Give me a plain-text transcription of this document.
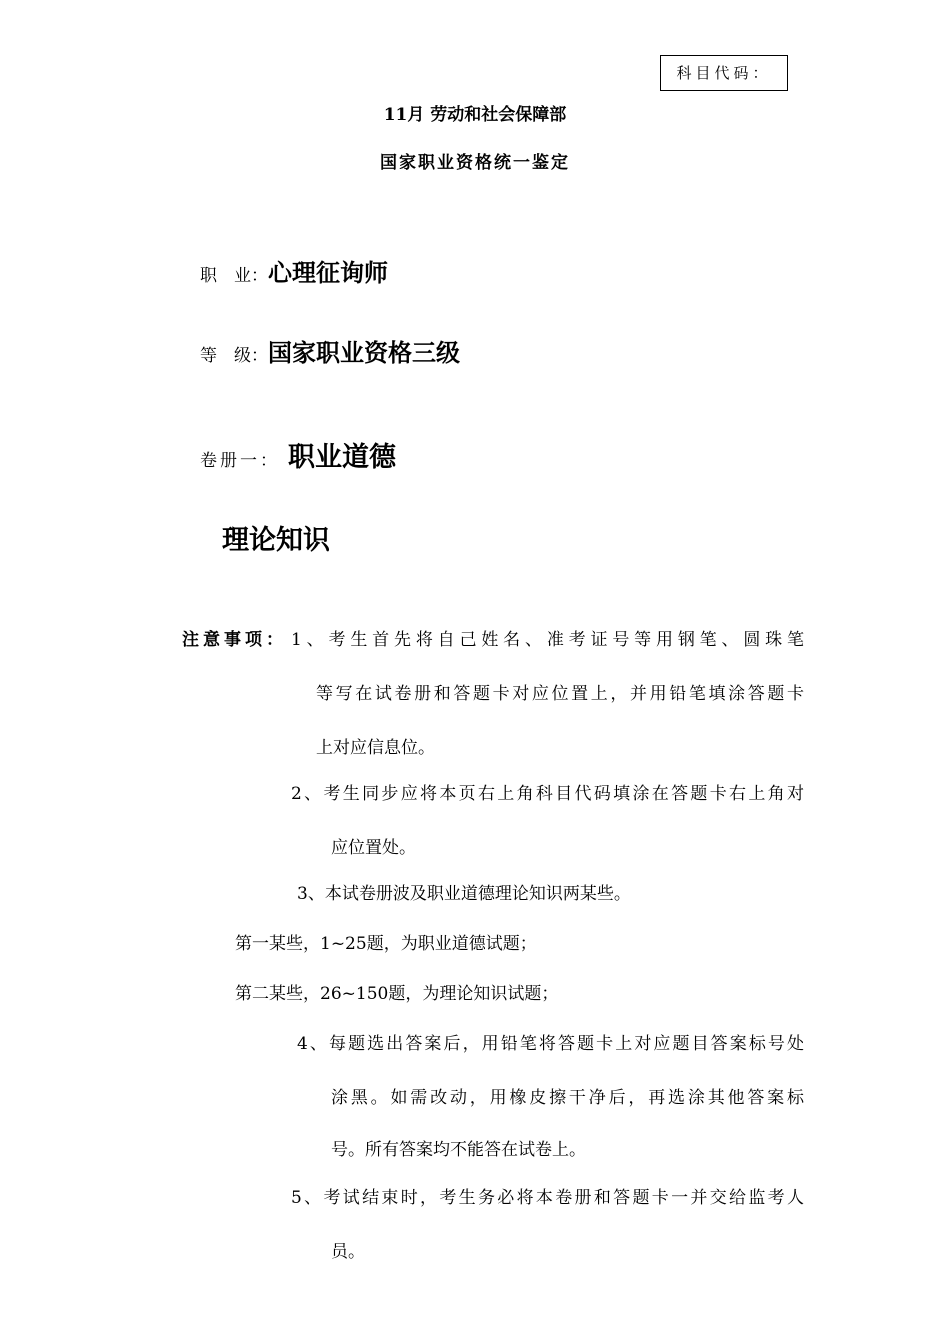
科目代码：
11月 劳动和社会保障部
国家职业资格统一鉴定
职　业：心理征询师
等　级：国家职业资格三级
卷册一： 职业道德
理论知识
注意事项： 1、考生首先将自己姓名、准考证号等用钢笔、圆珠笔
等写在试卷册和答题卡对应位置上，并用铅笔填涂答题卡
上对应信息位。
2、考生同步应将本页右上角科目代码填涂在答题卡右上角对
应位置处。
3、本试卷册波及职业道德理论知识两某些。
第一某些，1~25题，为职业道德试题；
第二某些，26~150题，为理论知识试题；
4、每题选出答案后，用铅笔将答题卡上对应题目答案标号处
涂黑。如需改动，用橡皮擦干净后，再选涂其他答案标
号。所有答案均不能答在试卷上。
5、考试结束时，考生务必将本卷册和答题卡一并交给监考人
员。
